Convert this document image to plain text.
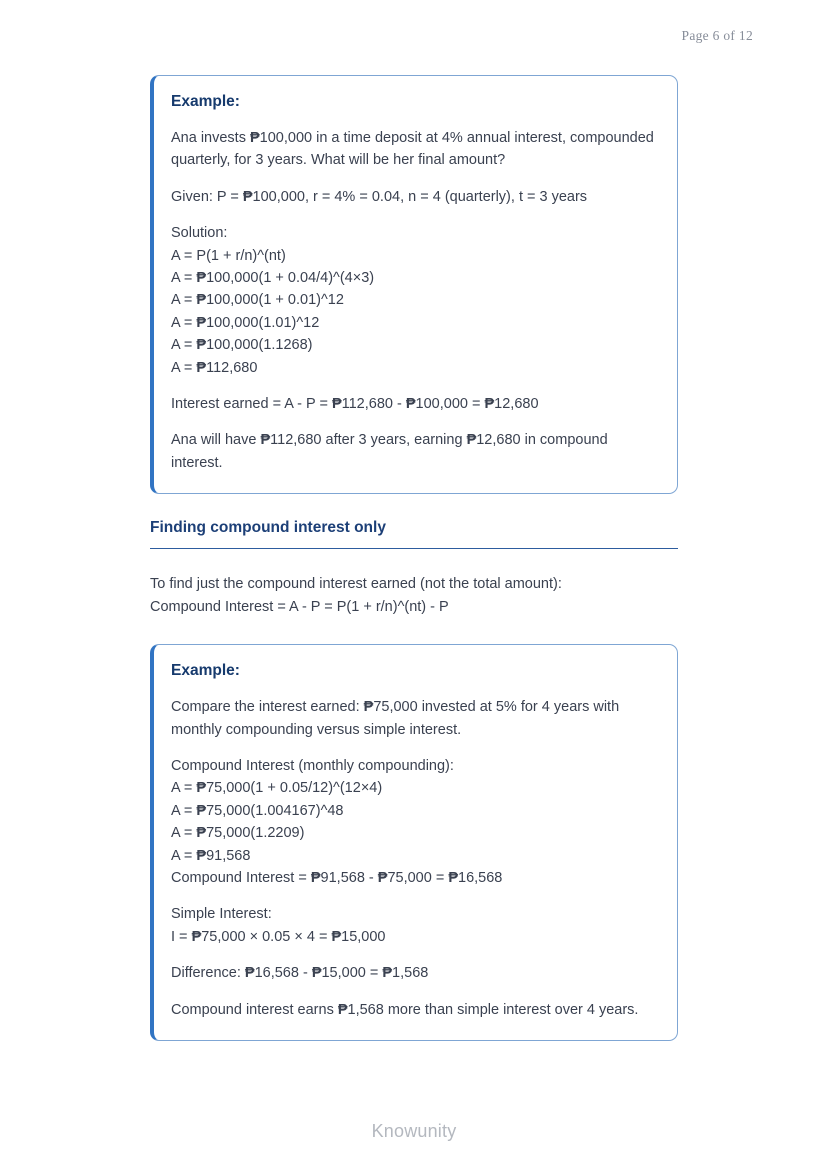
Page 6 of 12
Example:
Ana invests ₱100,000 in a time deposit at 4% annual interest, compounded quarterly, for 3 years. What will be her final amount?
Given: P = ₱100,000, r = 4% = 0.04, n = 4 (quarterly), t = 3 years
Solution:
A = P(1 + r/n)^(nt)
A = ₱100,000(1 + 0.04/4)^(4×3)
A = ₱100,000(1 + 0.01)^12
A = ₱100,000(1.01)^12
A = ₱100,000(1.1268)
A = ₱112,680
Interest earned = A - P = ₱112,680 - ₱100,000 = ₱12,680
Ana will have ₱112,680 after 3 years, earning ₱12,680 in compound interest.
Finding compound interest only
To find just the compound interest earned (not the total amount):
Compound Interest = A - P = P(1 + r/n)^(nt) - P
Example:
Compare the interest earned: ₱75,000 invested at 5% for 4 years with monthly compounding versus simple interest.
Compound Interest (monthly compounding):
A = ₱75,000(1 + 0.05/12)^(12×4)
A = ₱75,000(1.004167)^48
A = ₱75,000(1.2209)
A = ₱91,568
Compound Interest = ₱91,568 - ₱75,000 = ₱16,568
Simple Interest:
I = ₱75,000 × 0.05 × 4 = ₱15,000
Difference: ₱16,568 - ₱15,000 = ₱1,568
Compound interest earns ₱1,568 more than simple interest over 4 years.
Knowunity
